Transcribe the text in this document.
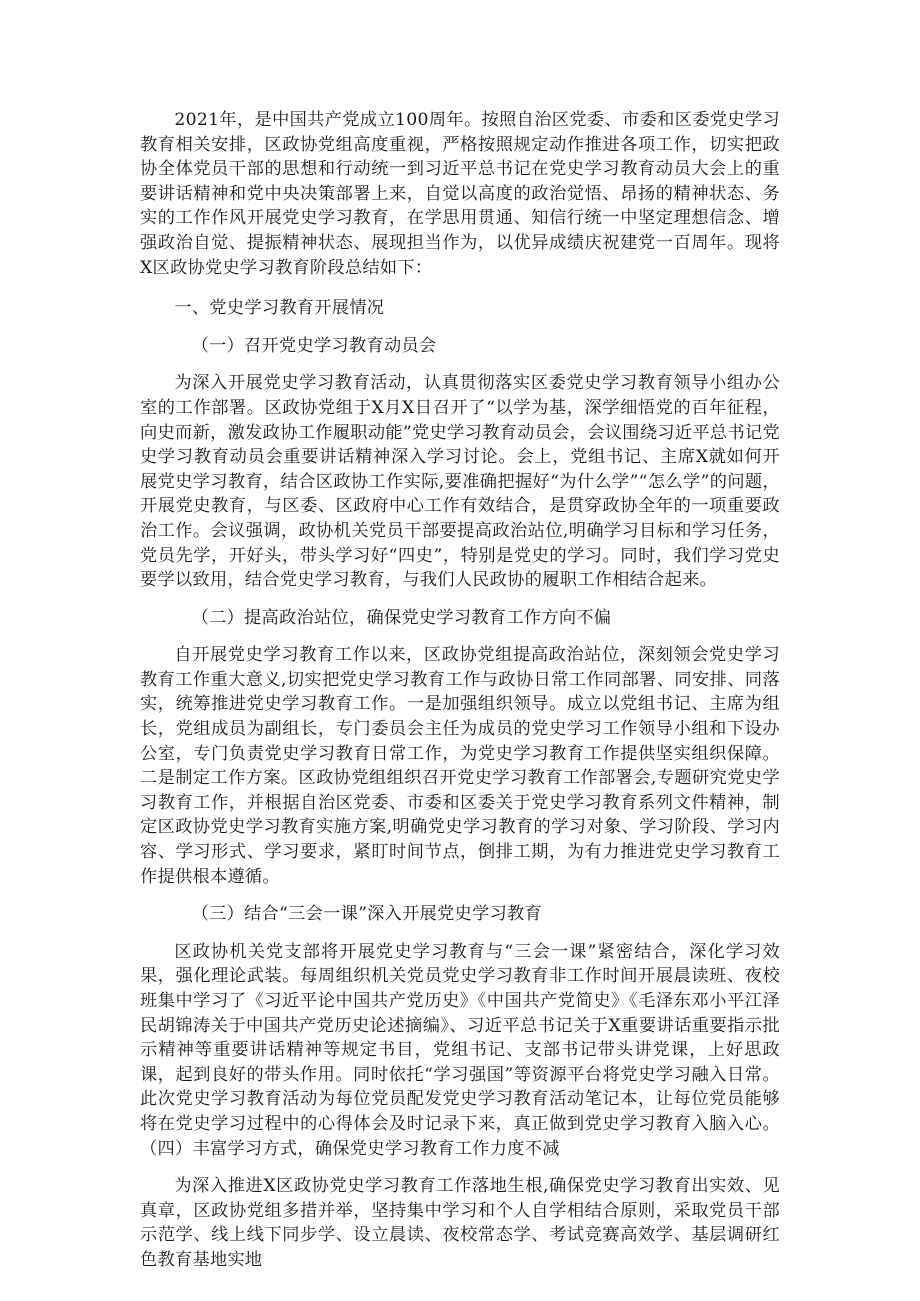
2021年，是中国共产党成立100周年。按照自治区党委、市委和区委党史学习教育相关安排，区政协党组高度重视，严格按照规定动作推进各项工作，切实把政协全体党员干部的思想和行动统一到习近平总书记在党史学习教育动员大会上的重要讲话精神和党中央决策部署上来，自觉以高度的政治觉悟、昂扬的精神状态、务实的工作作风开展党史学习教育，在学思用贯通、知信行统一中坚定理想信念、增强政治自觉、提振精神状态、展现担当作为，以优异成绩庆祝建党一百周年。现将X区政协党史学习教育阶段总结如下：

一、党史学习教育开展情况

（一）召开党史学习教育动员会

为深入开展党史学习教育活动，认真贯彻落实区委党史学习教育领导小组办公室的工作部署。区政协党组于X月X日召开了“以学为基，深学细悟党的百年征程，向史而新，激发政协工作履职动能”党史学习教育动员会，会议围绕习近平总书记党史学习教育动员会重要讲话精神深入学习讨论。会上，党组书记、主席X就如何开展党史学习教育，结合区政协工作实际,要准确把握好“为什么学”“怎么学”的问题，开展党史教育，与区委、区政府中心工作有效结合，是贯穿政协全年的一项重要政治工作。会议强调，政协机关党员干部要提高政治站位,明确学习目标和学习任务，党员先学，开好头，带头学习好“四史”，特别是党史的学习。同时，我们学习党史要学以致用，结合党史学习教育，与我们人民政协的履职工作相结合起来。

（二）提高政治站位，确保党史学习教育工作方向不偏

自开展党史学习教育工作以来，区政协党组提高政治站位，深刻领会党史学习教育工作重大意义,切实把党史学习教育工作与政协日常工作同部署、同安排、同落实，统筹推进党史学习教育工作。一是加强组织领导。成立以党组书记、主席为组长，党组成员为副组长，专门委员会主任为成员的党史学习工作领导小组和下设办公室，专门负责党史学习教育日常工作，为党史学习教育工作提供坚实组织保障。二是制定工作方案。区政协党组组织召开党史学习教育工作部署会,专题研究党史学习教育工作，并根据自治区党委、市委和区委关于党史学习教育系列文件精神，制定区政协党史学习教育实施方案,明确党史学习教育的学习对象、学习阶段、学习内容、学习形式、学习要求，紧盯时间节点，倒排工期，为有力推进党史学习教育工作提供根本遵循。

（三）结合“三会一课”深入开展党史学习教育

区政协机关党支部将开展党史学习教育与“三会一课”紧密结合，深化学习效果，强化理论武装。每周组织机关党员党史学习教育非工作时间开展晨读班、夜校班集中学习了《习近平论中国共产党历史》《中国共产党简史》《毛泽东邓小平江泽民胡锦涛关于中国共产党历史论述摘编》、习近平总书记关于X重要讲话重要指示批示精神等重要讲话精神等规定书目，党组书记、支部书记带头讲党课，上好思政课，起到良好的带头作用。同时依托“学习强国”等资源平台将党史学习融入日常。此次党史学习教育活动为每位党员配发党史学习教育活动笔记本，让每位党员能够将在党史学习过程中的心得体会及时记录下来，真正做到党史学习教育入脑入心。（四）丰富学习方式，确保党史学习教育工作力度不减

为深入推进X区政协党史学习教育工作落地生根,确保党史学习教育出实效、见真章，区政协党组多措并举，坚持集中学习和个人自学相结合原则，采取党员干部示范学、线上线下同步学、设立晨读、夜校常态学、考试竞赛高效学、基层调研红色教育基地实地
